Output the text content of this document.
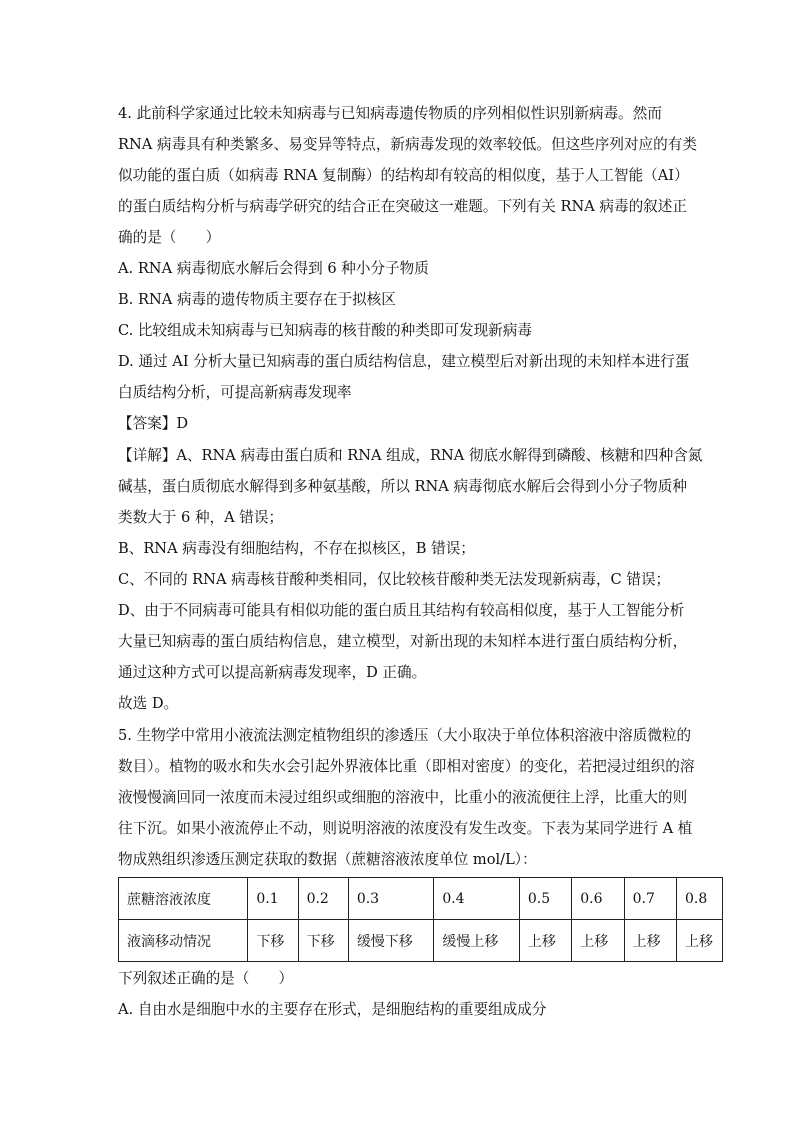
4. 此前科学家通过比较未知病毒与已知病毒遗传物质的序列相似性识别新病毒。然而
RNA 病毒具有种类繁多、易变异等特点，新病毒发现的效率较低。但这些序列对应的有类
似功能的蛋白质（如病毒 RNA 复制酶）的结构却有较高的相似度，基于人工智能（AI）
的蛋白质结构分析与病毒学研究的结合正在突破这一难题。下列有关 RNA 病毒的叙述正
确的是（　　）
A. RNA 病毒彻底水解后会得到 6 种小分子物质
B. RNA 病毒的遗传物质主要存在于拟核区
C. 比较组成未知病毒与已知病毒的核苷酸的种类即可发现新病毒
D. 通过 AI 分析大量已知病毒的蛋白质结构信息，建立模型后对新出现的未知样本进行蛋
白质结构分析，可提高新病毒发现率
【答案】D
【详解】A、RNA 病毒由蛋白质和 RNA 组成，RNA 彻底水解得到磷酸、核糖和四种含氮
碱基，蛋白质彻底水解得到多种氨基酸，所以 RNA 病毒彻底水解后会得到小分子物质种
类数大于 6 种，A 错误；
B、RNA 病毒没有细胞结构，不存在拟核区，B 错误；
C、不同的 RNA 病毒核苷酸种类相同，仅比较核苷酸种类无法发现新病毒，C 错误；
D、由于不同病毒可能具有相似功能的蛋白质且其结构有较高相似度，基于人工智能分析
大量已知病毒的蛋白质结构信息，建立模型，对新出现的未知样本进行蛋白质结构分析，
通过这种方式可以提高新病毒发现率，D 正确。
故选 D。
5. 生物学中常用小液流法测定植物组织的渗透压（大小取决于单位体积溶液中溶质微粒的
数目）。植物的吸水和失水会引起外界液体比重（即相对密度）的变化，若把浸过组织的溶
液慢慢滴回同一浓度而未浸过组织或细胞的溶液中，比重小的液流便往上浮，比重大的则
往下沉。如果小液流停止不动，则说明溶液的浓度没有发生改变。下表为某同学进行 A 植
物成熟组织渗透压测定获取的数据（蔗糖溶液浓度单位 mol/L）：
蔗糖溶液浓度	0.1	0.2	0.3	0.4	0.5	0.6	0.7	0.8
液滴移动情况	下移	下移	缓慢下移	缓慢上移	上移	上移	上移	上移
下列叙述正确的是（　　）
A. 自由水是细胞中水的主要存在形式，是细胞结构的重要组成成分
